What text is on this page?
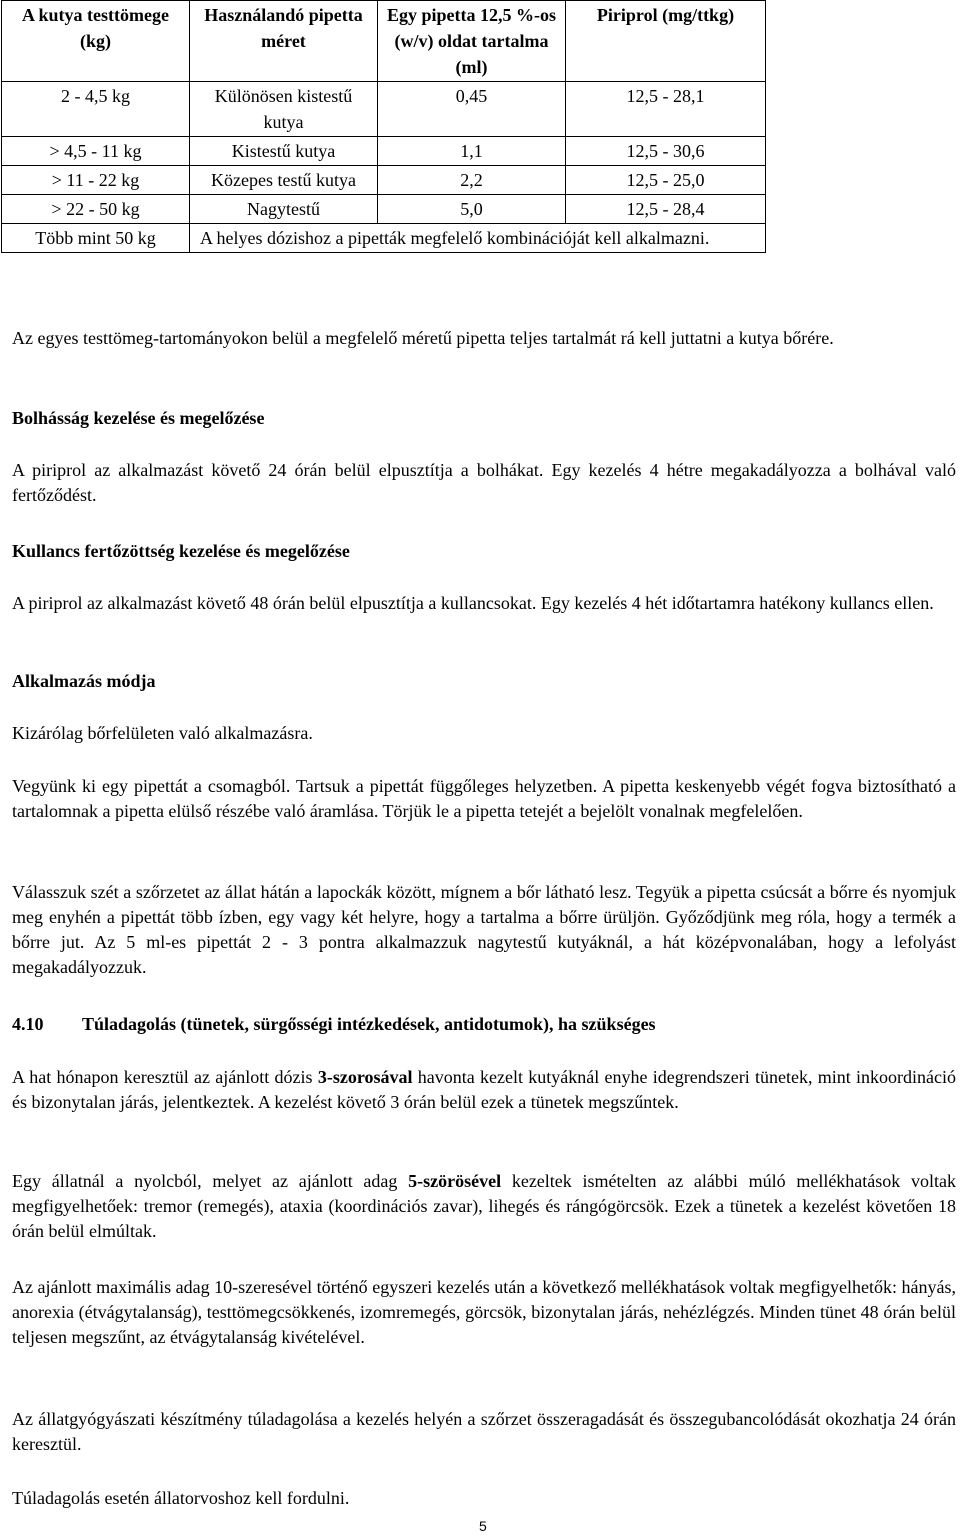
A kutya testtömege (kg)	Használandó pipetta méret	Egy pipetta 12,5 %-os (w/v) oldat tartalma (ml)	Piriprol (mg/ttkg)
2 - 4,5 kg	Különösen kistestű kutya	0,45	12,5 - 28,1
> 4,5 - 11 kg	Kistestű kutya	1,1	12,5 - 30,6
> 11 - 22 kg	Közepes testű kutya	2,2	12,5 - 25,0
> 22 - 50 kg	Nagytestű	5,0	12,5 - 28,4
Több mint 50 kg	A helyes dózishoz a pipetták megfelelő kombinációját kell alkalmazni.		

Az egyes testtömeg-tartományokon belül a megfelelő méretű pipetta teljes tartalmát rá kell juttatni a kutya bőrére.

Bolhásság kezelése és megelőzése

A piriprol az alkalmazást követő 24 órán belül elpusztítja a bolhákat. Egy kezelés 4 hétre megakadályozza a bolhával való fertőződést.

Kullancs fertőzöttség kezelése és megelőzése

A piriprol az alkalmazást követő 48 órán belül elpusztítja a kullancsokat. Egy kezelés 4 hét időtartamra hatékony kullancs ellen.

Alkalmazás módja

Kizárólag bőrfelületen való alkalmazásra.

Vegyünk ki egy pipettát a csomagból. Tartsuk a pipettát függőleges helyzetben. A pipetta keskenyebb végét fogva biztosítható a tartalomnak a pipetta elülső részébe való áramlása. Törjük le a pipetta tetejét a bejelölt vonalnak megfelelően.

Válasszuk szét a szőrzetet az állat hátán a lapockák között, mígnem a bőr látható lesz. Tegyük a pipetta csúcsát a bőrre és nyomjuk meg enyhén a pipettát több ízben, egy vagy két helyre, hogy a tartalma a bőrre ürüljön. Győződjünk meg róla, hogy a termék a bőrre jut. Az 5 ml-es pipettát 2 - 3 pontra alkalmazzuk nagytestű kutyáknál, a hát középvonalában, hogy a lefolyást megakadályozzuk.

4.10 Túladagolás (tünetek, sürgősségi intézkedések, antidotumok), ha szükséges

A hat hónapon keresztül az ajánlott dózis 3-szorosával havonta kezelt kutyáknál enyhe idegrendszeri tünetek, mint inkoordináció és bizonytalan járás, jelentkeztek. A kezelést követő 3 órán belül ezek a tünetek megszűntek.

Egy állatnál a nyolcból, melyet az ajánlott adag 5-szörösével kezeltek ismételten az alábbi múló mellékhatások voltak megfigyelhetőek: tremor (remegés), ataxia (koordinációs zavar), lihegés és rángógörcsök. Ezek a tünetek a kezelést követően 18 órán belül elmúltak.

Az ajánlott maximális adag 10-szeresével történő egyszeri kezelés után a következő mellékhatások voltak megfigyelhetők: hányás, anorexia (étvágytalanság), testtömegcsökkenés, izomremegés, görcsök, bizonytalan járás, nehézlégzés. Minden tünet 48 órán belül teljesen megszűnt, az étvágytalanság kivételével.

Az állatgyógyászati készítmény túladagolása a kezelés helyén a szőrzet összeragadását és összegubancolódását okozhatja 24 órán keresztül.

Túladagolás esetén állatorvoshoz kell fordulni.

5
